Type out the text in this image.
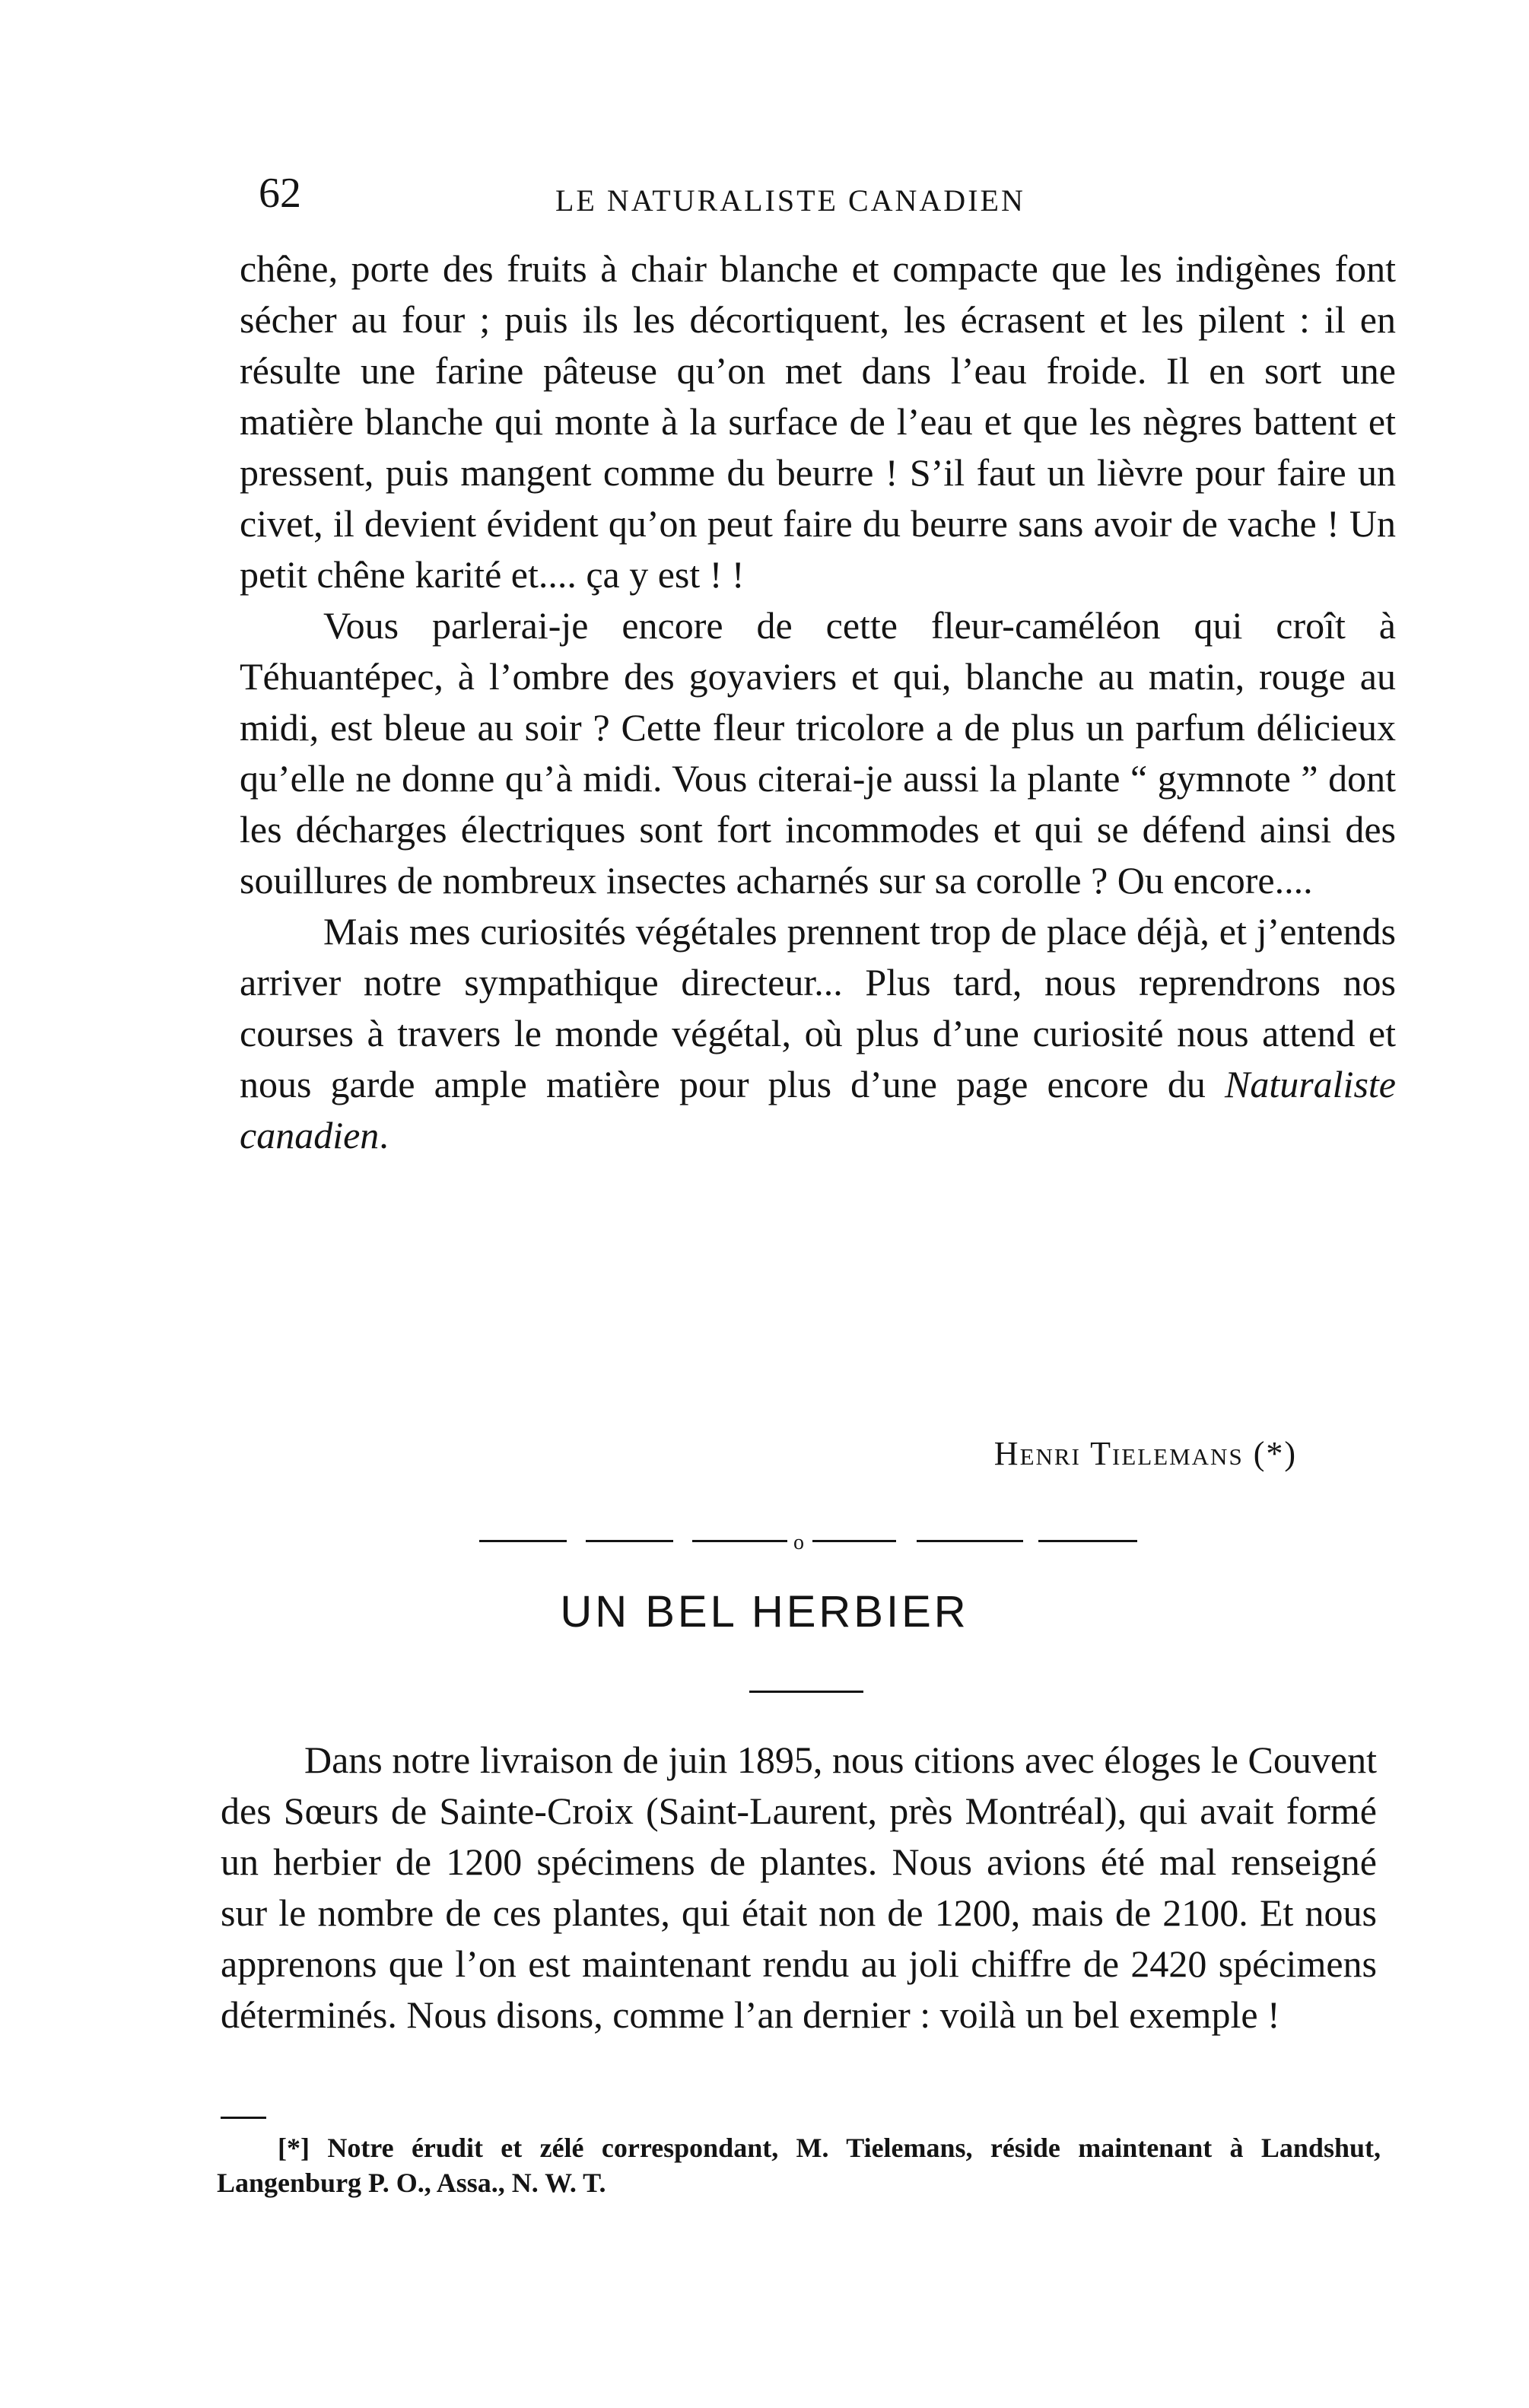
62	LE NATURALISTE CANADIEN

chêne, porte des fruits à chair blanche et compacte que les indigènes font sécher au four ; puis ils les décortiquent, les écrasent et les pilent : il en résulte une farine pâteuse qu’on met dans l’eau froide. Il en sort une matière blanche qui monte à la surface de l’eau et que les nègres battent et pressent, puis mangent comme du beurre ! S’il faut un lièvre pour faire un civet, il devient évident qu’on peut faire du beurre sans avoir de vache ! Un petit chêne karité et.... ça y est ! !

Vous parlerai-je encore de cette fleur-caméléon qui croît à Téhuantépec, à l’ombre des goyaviers et qui, blanche au matin, rouge au midi, est bleue au soir ? Cette fleur tricolore a de plus un parfum délicieux qu’elle ne donne qu’à midi. Vous citerai-je aussi la plante “ gymnote ” dont les décharges électriques sont fort incommodes et qui se défend ainsi des souillures de nombreux insectes acharnés sur sa corolle ? Ou encore....

Mais mes curiosités végétales prennent trop de place déjà, et j’entends arriver notre sympathique directeur... Plus tard, nous reprendrons nos courses à travers le monde végétal, où plus d’une curiosité nous attend et nous garde ample matière pour plus d’une page encore du Naturaliste canadien.

Henri Tielemans (*)
o
UN BEL HERBIER

Dans notre livraison de juin 1895, nous citions avec éloges le Couvent des Sœurs de Sainte-Croix (Saint-Laurent, près Montréal), qui avait formé un herbier de 1200 spécimens de plantes. Nous avions été mal renseigné sur le nombre de ces plantes, qui était non de 1200, mais de 2100. Et nous apprenons que l’on est maintenant rendu au joli chiffre de 2420 spécimens déterminés. Nous disons, comme l’an dernier : voilà un bel exemple !

[*] Notre érudit et zélé correspondant, M. Tielemans, réside maintenant à Landshut, Langenburg P. O., Assa., N. W. T.
